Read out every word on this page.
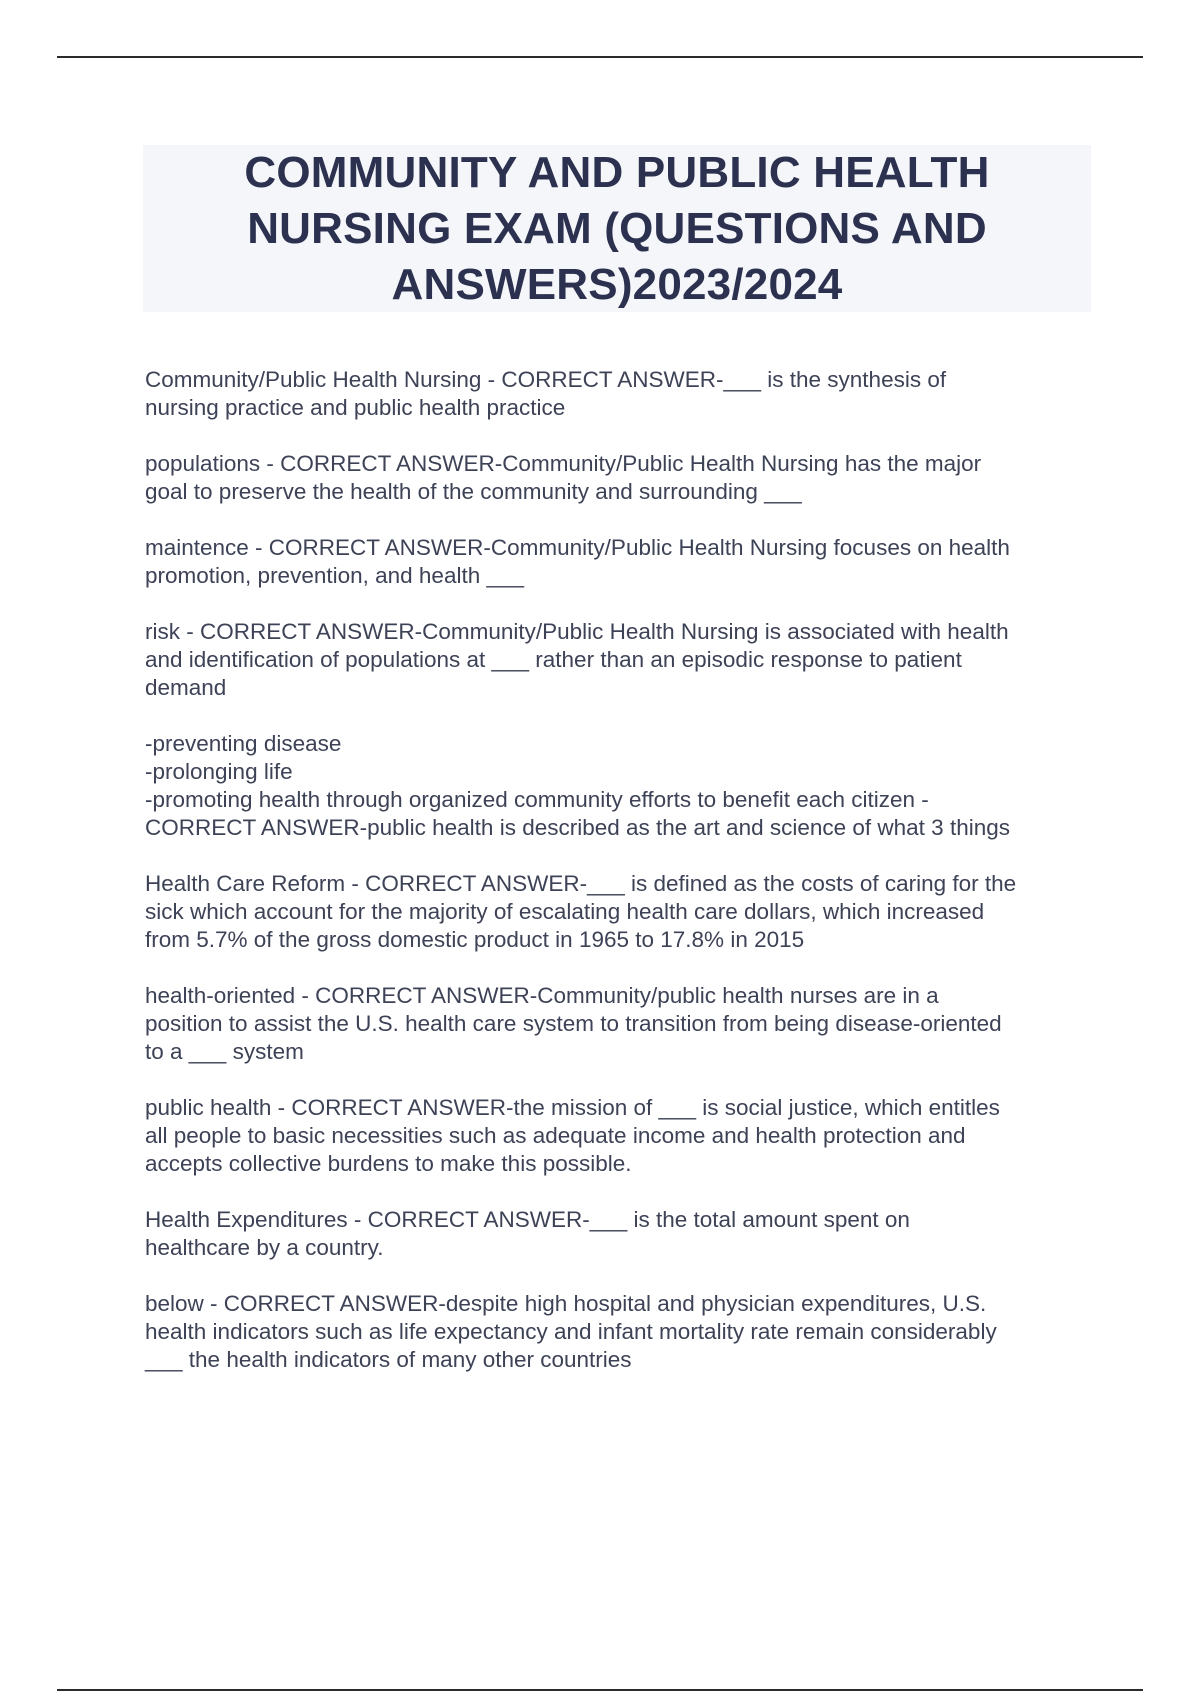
COMMUNITY AND PUBLIC HEALTH NURSING EXAM (QUESTIONS AND ANSWERS)2023/2024

Community/Public Health Nursing - CORRECT ANSWER-___ is the synthesis of
nursing practice and public health practice

populations - CORRECT ANSWER-Community/Public Health Nursing has the major
goal to preserve the health of the community and surrounding ___

maintence - CORRECT ANSWER-Community/Public Health Nursing focuses on health
promotion, prevention, and health ___

risk - CORRECT ANSWER-Community/Public Health Nursing is associated with health
and identification of populations at ___ rather than an episodic response to patient
demand

-preventing disease
-prolonging life
-promoting health through organized community efforts to benefit each citizen -
CORRECT ANSWER-public health is described as the art and science of what 3 things

Health Care Reform - CORRECT ANSWER-___ is defined as the costs of caring for the
sick which account for the majority of escalating health care dollars, which increased
from 5.7% of the gross domestic product in 1965 to 17.8% in 2015

health-oriented - CORRECT ANSWER-Community/public health nurses are in a
position to assist the U.S. health care system to transition from being disease-oriented
to a ___ system

public health - CORRECT ANSWER-the mission of ___ is social justice, which entitles
all people to basic necessities such as adequate income and health protection and
accepts collective burdens to make this possible.

Health Expenditures - CORRECT ANSWER-___ is the total amount spent on
healthcare by a country.

below - CORRECT ANSWER-despite high hospital and physician expenditures, U.S.
health indicators such as life expectancy and infant mortality rate remain considerably
___ the health indicators of many other countries
